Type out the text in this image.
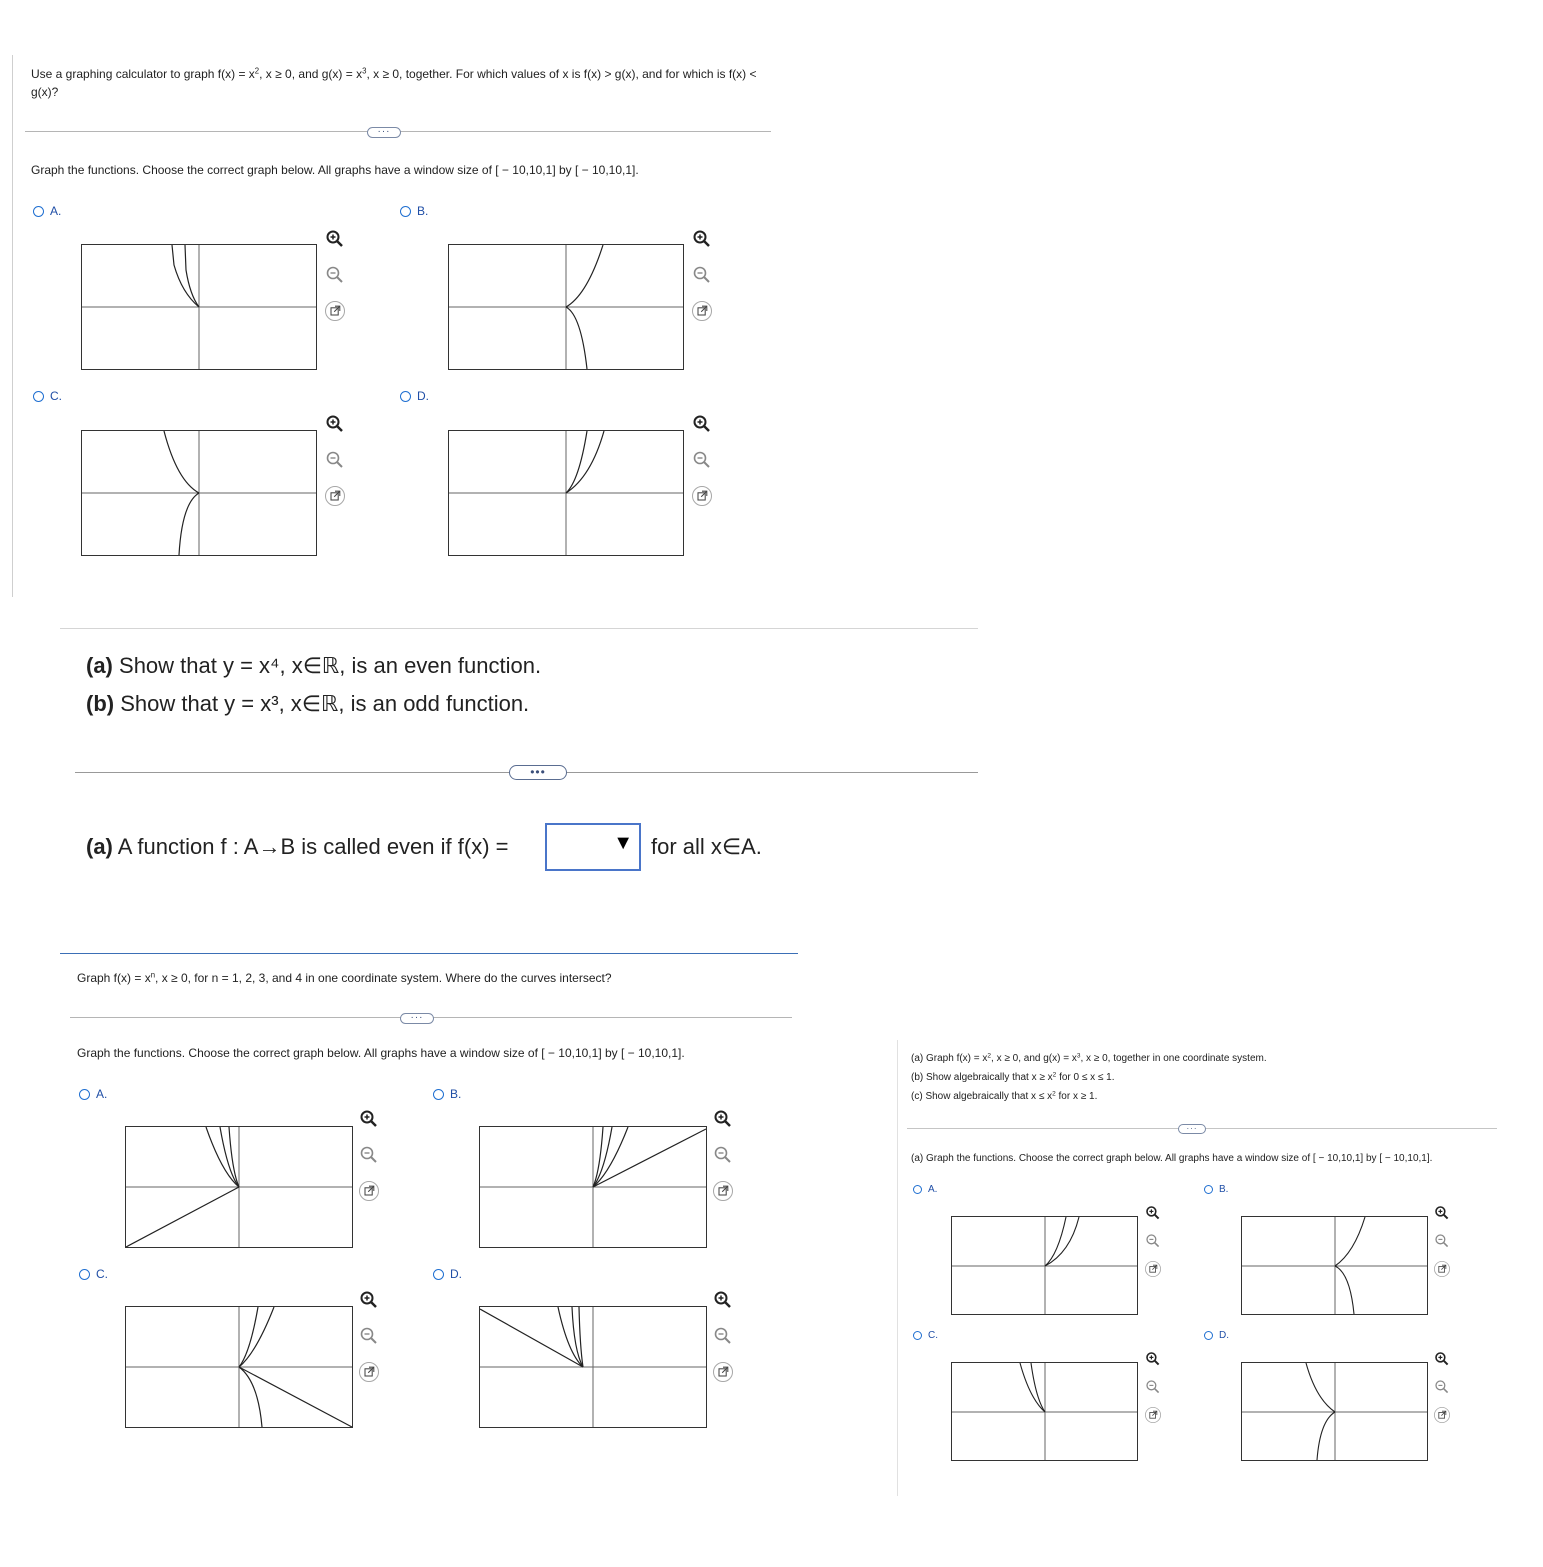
Use a graphing calculator to graph $f(x) = x^2$, x ≥ 0, and $g(x) = x^3$, x ≥ 0, together. For which values of x is f(x) > g(x), and for which is f(x) < g(x)?
···
Graph the functions. Choose the correct graph below. All graphs have a window size of [ − 10,10,1] by [ − 10,10,1].
A.	B.
C.	D.
(a) Show that y = x⁴, x∈ℝ, is an even function.
(b) Show that y = x³, x∈ℝ, is an odd function.
•••
(a) A function f : A→B is called even if f(x) =	▼ for all x∈A.
Graph $f(x) = x^n$, x ≥ 0, for n = 1, 2, 3, and 4 in one coordinate system. Where do the curves intersect?
···
Graph the functions. Choose the correct graph below. All graphs have a window size of [ − 10,10,1] by [ − 10,10,1].
A.	B.
C.	D.
(a) Graph $f(x) = x^2$, x ≥ 0, and $g(x) = x^3$, x ≥ 0, together in one coordinate system.
(b) Show algebraically that $x \ge x^2$ for 0 ≤ x ≤ 1.
(c) Show algebraically that $x \le x^2$ for x ≥ 1.
···
(a) Graph the functions. Choose the correct graph below. All graphs have a window size of [ − 10,10,1] by [ − 10,10,1].
A.	B.
C.	D.
